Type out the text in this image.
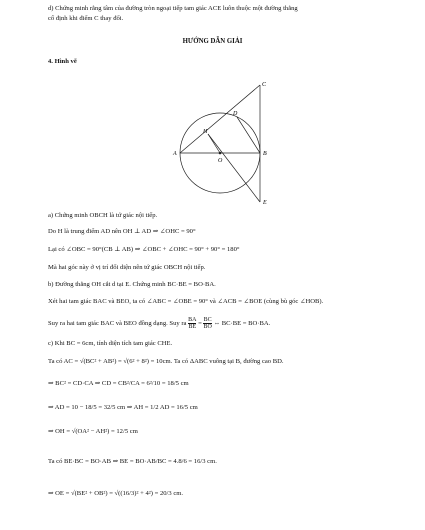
d) Chứng minh rằng tâm của đường tròn ngoại tiếp tam giác ACE luôn thuộc một đường thẳng
cố định khi điểm C thay đổi.
HƯỚNG DẪN GIẢI
4. Hình vẽ
A	B
C
D
E
H
O
a) Chứng minh OBCH là tứ giác nội tiếp.
Do H là trung điểm AD nên OH ⊥ AD ⇒ ∠OHC = 90°
Lại có ∠OBC = 90°(CB ⊥ AB) ⇒ ∠OBC + ∠OHC = 90° + 90° = 180°
Mà hai góc này ở vị trí đối diện nên tứ giác OBCH nội tiếp.
b) Đường thẳng OH cắt d tại E. Chứng minh BC·BE = BO·BA.
Xét hai tam giác BAC và BEO, ta có ∠ABC = ∠OBE = 90° và ∠ACB = ∠BOE (cùng bù góc ∠HOB).
Suy ra hai tam giác BAC và BEO đồng dạng. Suy ra $\frac{BA}{BE} = \frac{BC}{BO}$ ⇔ BC·BE = BO·BA.
c) Khi BC = 6cm, tính diện tích tam giác CHE.
Ta có AC = √(BC² + AB²) = √(6² + 8²) = 10cm. Ta có ΔABC vuông tại B, đường cao BD.
⇒ BC² = CD·CA ⇒ CD = CB²/CA = 6²/10 = 18/5 cm
⇒ AD = 10 − 18/5 = 32/5 cm ⇒ AH = 1/2 AD = 16/5 cm
⇒ OH = √(OA² − AH²) = 12/5 cm
Ta có BE·BC = BO·AB ⇒ BE = BO·AB/BC = 4.8/6 = 16/3 cm.
⇒ OE = √(BE² + OB²) = √((16/3)² + 4²) = 20/3 cm.
